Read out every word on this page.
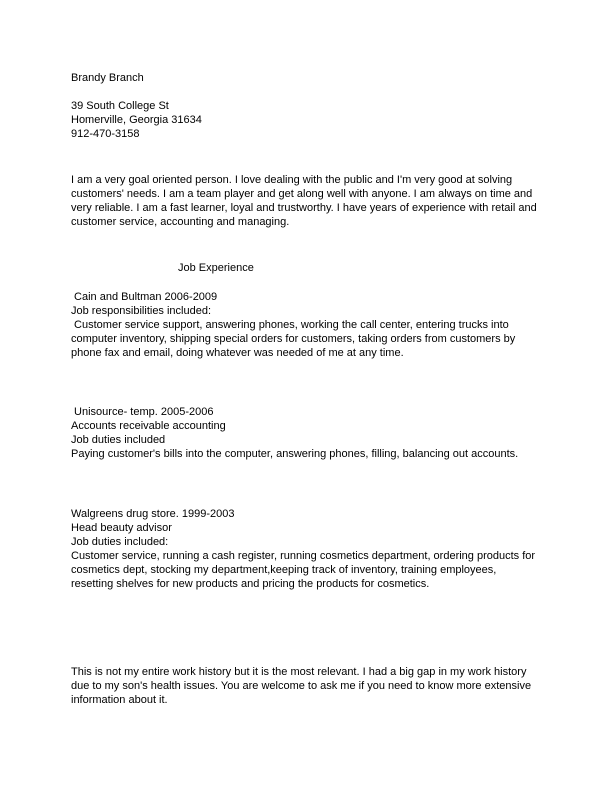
Brandy Branch
39 South College St
Homerville, Georgia 31634
912-470-3158
I am a very goal oriented person. I love dealing with the public and I'm very good at solving
customers' needs. I am a team player and get along well with anyone. I am always on time and
very reliable. I am a fast learner, loyal and trustworthy. I have years of experience with retail and
customer service, accounting and managing.
Job Experience
Cain and Bultman 2006-2009
Job responsibilities included:
Customer service support, answering phones, working the call center, entering trucks into
computer inventory, shipping special orders for customers, taking orders from customers by
phone fax and email, doing whatever was needed of me at any time.
Unisource- temp. 2005-2006
Accounts receivable accounting
Job duties included
Paying customer's bills into the computer, answering phones, filling, balancing out accounts.
Walgreens drug store. 1999-2003
Head beauty advisor
Job duties included:
Customer service, running a cash register, running cosmetics department, ordering products for
cosmetics dept, stocking my department,keeping track of inventory, training employees,
resetting shelves for new products and pricing the products for cosmetics.
This is not my entire work history but it is the most relevant. I had a big gap in my work history
due to my son's health issues. You are welcome to ask me if you need to know more extensive
information about it.
